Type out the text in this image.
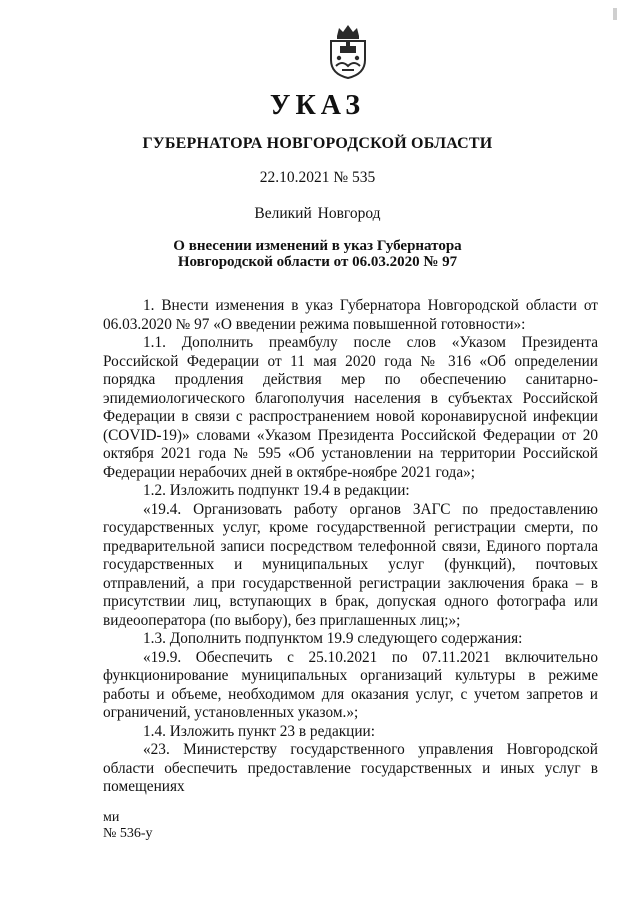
УКАЗ
ГУБЕРНАТОРА НОВГОРОДСКОЙ ОБЛАСТИ
22.10.2021 № 535
Великий Новгород
О внесении изменений в указ Губернатора
Новгородской области от 06.03.2020 № 97

1. Внести изменения в указ Губернатора Новгородской области от 06.03.2020 № 97 «О введении режима повышенной готовности»:

1.1. Дополнить преамбулу после слов «Указом Президента Российской Федерации от 11 мая 2020 года № 316 «Об определении порядка продления действия мер по обеспечению санитарно-эпидемиологического благополучия населения в субъектах Российской Федерации в связи с распространением новой коронавирусной инфекции (COVID-19)» словами «Указом Президента Российской Федерации от 20 октября 2021 года № 595 «Об установлении на территории Российской Федерации нерабочих дней в октябре-ноябре 2021 года»;

1.2. Изложить подпункт 19.4 в редакции:

«19.4. Организовать работу органов ЗАГС по предоставлению государственных услуг, кроме государственной регистрации смерти, по предварительной записи посредством телефонной связи, Единого портала государственных и муниципальных услуг (функций), почтовых отправлений, а при государственной регистрации заключения брака – в присутствии лиц, вступающих в брак, допуская одного фотографа или видеооператора (по выбору), без приглашенных лиц;»;

1.3. Дополнить подпунктом 19.9 следующего содержания:

«19.9. Обеспечить с 25.10.2021 по 07.11.2021 включительно функционирование муниципальных организаций культуры в режиме работы и объеме, необходимом для оказания услуг, с учетом запретов и ограничений, установленных указом.»;

1.4. Изложить пункт 23 в редакции:

«23. Министерству государственного управления Новгородской области обеспечить предоставление государственных и иных услуг в помещениях

ми
№ 536-у
